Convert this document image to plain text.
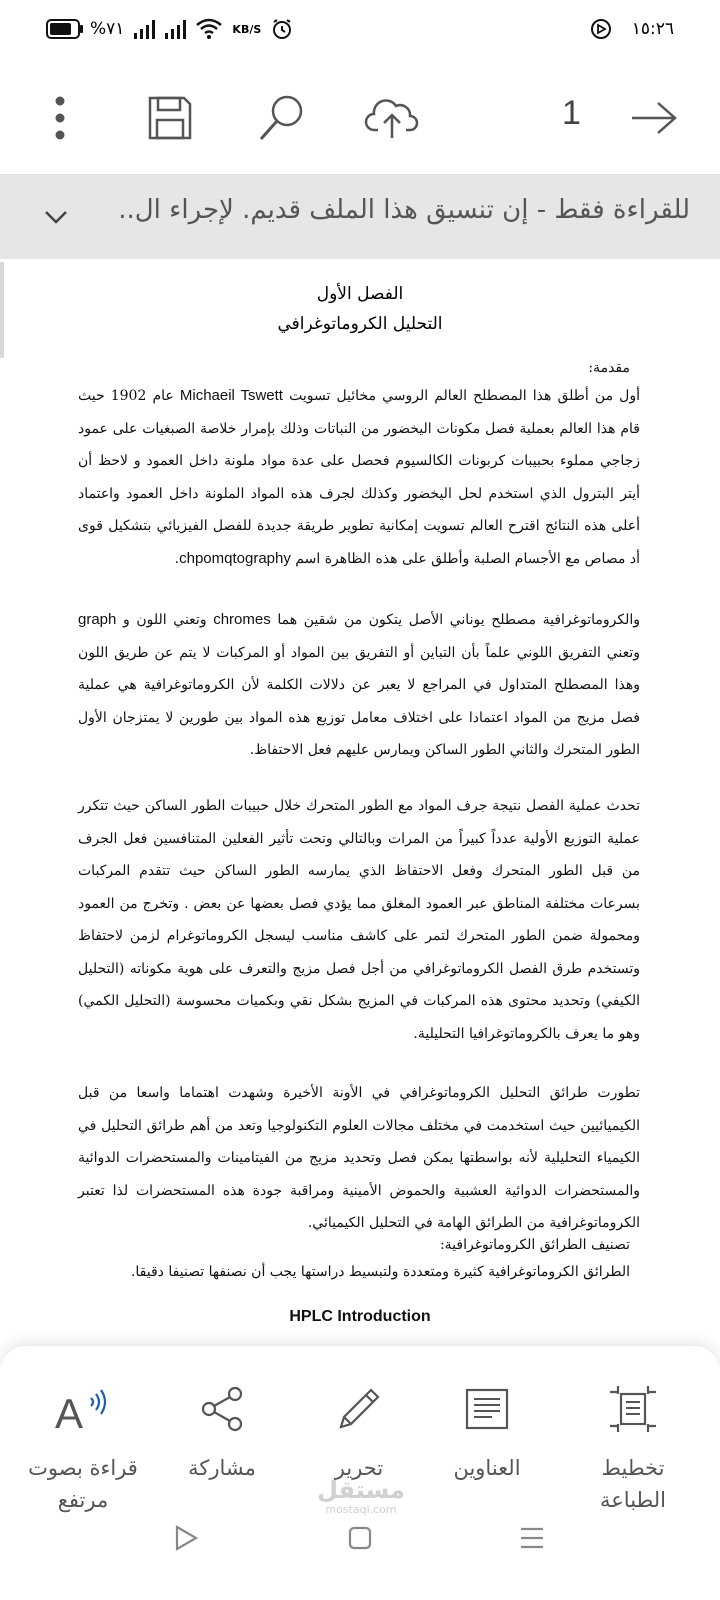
%٧١	KB/S	١٥:٢٦
1
للقراءة فقط - إن تنسيق هذا الملف قديم. لإجراء ال..
الفصل الأول
التحليل الكروماتوغرافي
مقدمة:
أول من أطلق هذا المصطلح العالم الروسي مخائيل تسويت Michaeil Tswett عام 1902 حيث قام هذا العالم بعملية فصل مكونات اليخضور من النباتات وذلك بإمرار خلاصة الصبغيات على عمود زجاجي مملوء بحبيبات كربونات الكالسيوم فحصل على عدة مواد ملونة داخل العمود و لاحظ أن أيتر البترول الذي استخدم لحل اليخضور وكذلك لجرف هذه المواد الملونة داخل العمود واعتماد أعلى هذه النتائج اقترح العالم تسويت إمكانية تطوير طريقة جديدة للفصل الفيزيائي بتشكيل قوى أد مصاص مع الأجسام الصلبة وأطلق على هذه الظاهرة اسم chpomqtography.
والكروماتوغرافية مصطلح يوناني الأصل يتكون من شقين هما chromes وتعني اللون و graph وتعني التفريق اللوني علماً بأن التباين أو التفريق بين المواد أو المركبات لا يتم عن طريق اللون وهذا المصطلح المتداول في المراجع لا يعبر عن دلالات الكلمة لأن الكروماتوغرافية هي عملية فصل مزيج من المواد اعتمادا على اختلاف معامل توزيع هذه المواد بين طورين لا يمتزجان الأول الطور المتحرك والثاني الطور الساكن ويمارس عليهم فعل الاحتفاظ.
تحدث عملية الفصل نتيجة جرف المواد مع الطور المتحرك خلال حبيبات الطور الساكن حيث تتكرر عملية التوزيع الأولية عدداً كبيراً من المرات وبالتالي وتحت تأثير الفعلين المتنافسين فعل الجرف من قبل الطور المتحرك وفعل الاحتفاظ الذي يمارسه الطور الساكن حيث تتقدم المركبات بسرعات مختلفة المناطق عبر العمود المغلق مما يؤدي فصل بعضها عن بعض . وتخرج من العمود ومحمولة ضمن الطور المتحرك لتمر على كاشف مناسب ليسجل الكروماتوغرام لزمن لاحتفاظ وتستخدم طرق الفصل الكروماتوغرافي من أجل فصل مزيج والتعرف على هوية مكوناته (التحليل الكيفي) وتحديد محتوى هذه المركبات في المزيج بشكل نقي وبكميات محسوسة (التحليل الكمي) وهو ما يعرف بالكروماتوغرافيا التحليلية.
تطورت طرائق التحليل الكروماتوغرافي في الأونة الأخيرة وشهدت اهتماما واسعا من قبل الكيميائيين حيث استخدمت في مختلف مجالات العلوم التكنولوجيا وتعد من أهم طرائق التحليل في الكيمياء التحليلية لأنه بواسطتها يمكن فصل وتحديد مزيج من الفيتامينات والمستحضرات الدوائية والمستحضرات الدوائية العشبية والحموض الأمينية ومراقبة جودة هذه المستحضرات لذا تعتبر الكروماتوغرافية من الطرائق الهامة في التحليل الكيميائي.
تصنيف الطرائق الكروماتوغرافية:
الطرائق الكروماتوغرافية كثيرة ومتعددة ولتبسيط دراستها يجب أن نصنفها تصنيفا دقيقا.
HPLC Introduction
تخطيط الطباعة
العناوين
تحرير
مشاركة
A
قراءة بصوت مرتفع	مستقل
mostaql.com
